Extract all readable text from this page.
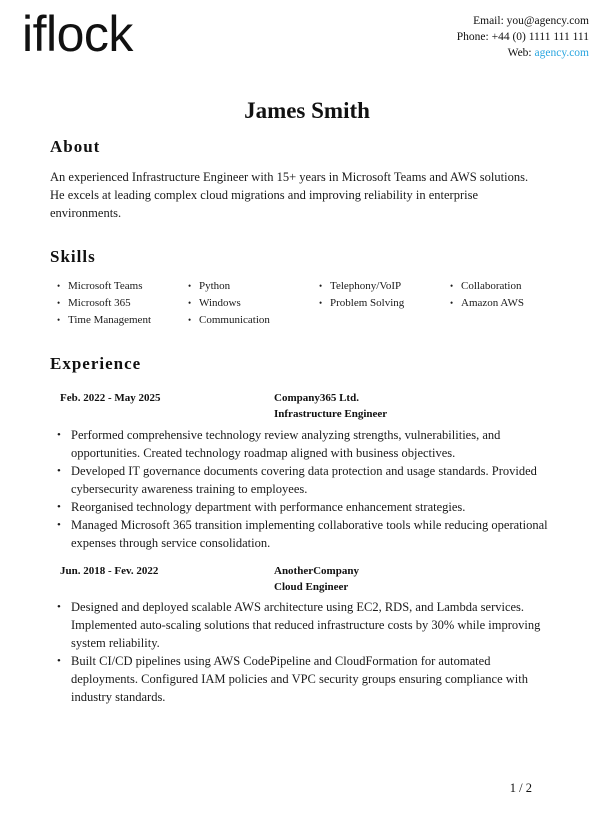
iflock	Email: you@agency.com
Phone: +44 (0) 1111 111 111
Web: agency.com
James Smith
About
An experienced Infrastructure Engineer with 15+ years in Microsoft Teams and AWS solutions. He excels at leading complex cloud migrations and improving reliability in enterprise environments.
Skills
• Microsoft Teams	• Python	• Telephony/VoIP	• Collaboration
• Microsoft 365	• Windows	• Problem Solving	• Amazon AWS
• Time Management	• Communication
Experience
Feb. 2022 - May 2025	Company365 Ltd.
Infrastructure Engineer
• Performed comprehensive technology review analyzing strengths, vulnerabilities, and opportunities. Created technology roadmap aligned with business objectives.
• Developed IT governance documents covering data protection and usage standards. Provided cybersecurity awareness training to employees.
• Reorganised technology department with performance enhancement strategies.
• Managed Microsoft 365 transition implementing collaborative tools while reducing operational expenses through service consolidation.
Jun. 2018 - Fev. 2022	AnotherCompany
Cloud Engineer
• Designed and deployed scalable AWS architecture using EC2, RDS, and Lambda services. Implemented auto-scaling solutions that reduced infrastructure costs by 30% while improving system reliability.
• Built CI/CD pipelines using AWS CodePipeline and CloudFormation for automated deployments. Configured IAM policies and VPC security groups ensuring compliance with industry standards.
1 / 2
